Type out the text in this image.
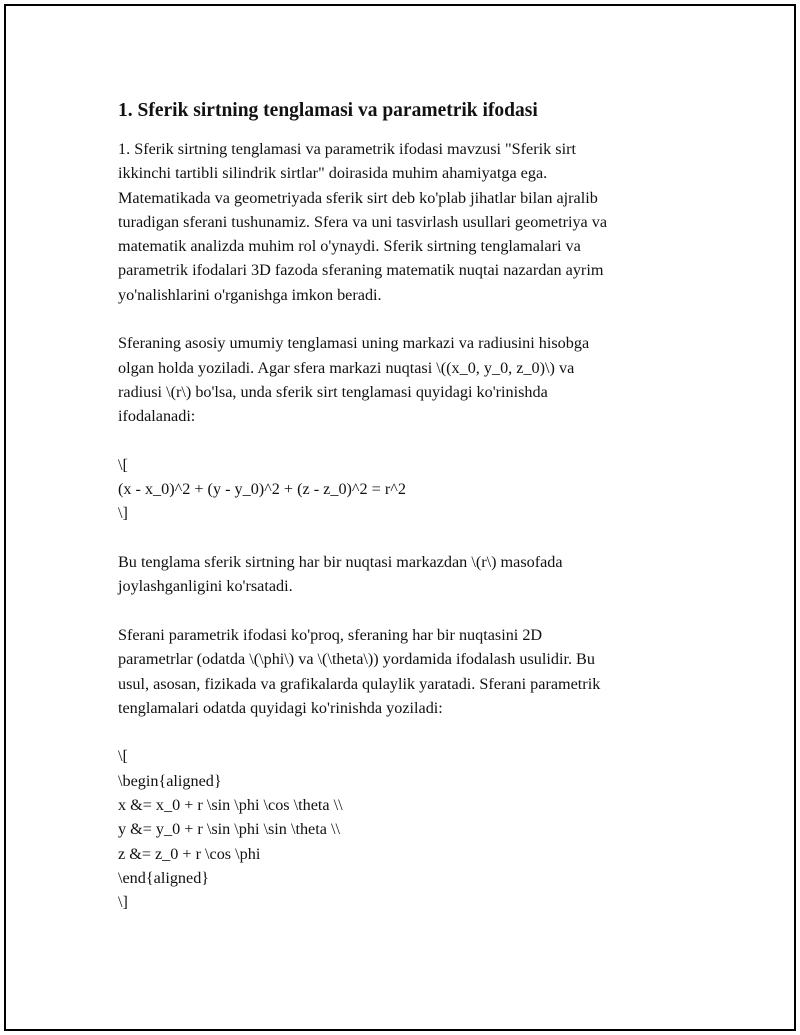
1. Sferik sirtning tenglamasi va parametrik ifodasi

1. Sferik sirtning tenglamasi va parametrik ifodasi mavzusi "Sferik sirt
ikkinchi tartibli silindrik sirtlar" doirasida muhim ahamiyatga ega.
Matematikada va geometriyada sferik sirt deb ko'plab jihatlar bilan ajralib
turadigan sferani tushunamiz. Sfera va uni tasvirlash usullari geometriya va
matematik analizda muhim rol o'ynaydi. Sferik sirtning tenglamalari va
parametrik ifodalari 3D fazoda sferaning matematik nuqtai nazardan ayrim
yo'nalishlarini o'rganishga imkon beradi.

Sferaning asosiy umumiy tenglamasi uning markazi va radiusini hisobga
olgan holda yoziladi. Agar sfera markazi nuqtasi \((x_0, y_0, z_0)\) va
radiusi \(r\) bo'lsa, unda sferik sirt tenglamasi quyidagi ko'rinishda
ifodalanadi:

\[
(x - x_0)^2 + (y - y_0)^2 + (z - z_0)^2 = r^2
\]

Bu tenglama sferik sirtning har bir nuqtasi markazdan \(r\) masofada
joylashganligini ko'rsatadi.

Sferani parametrik ifodasi ko'proq, sferaning har bir nuqtasini 2D
parametrlar (odatda \(\phi\) va \(\theta\)) yordamida ifodalash usulidir. Bu
usul, asosan, fizikada va grafikalarda qulaylik yaratadi. Sferani parametrik
tenglamalari odatda quyidagi ko'rinishda yoziladi:

\[
\begin{aligned}
x &= x_0 + r \sin \phi \cos \theta \\
y &= y_0 + r \sin \phi \sin \theta \\
z &= z_0 + r \cos \phi
\end{aligned}
\]
